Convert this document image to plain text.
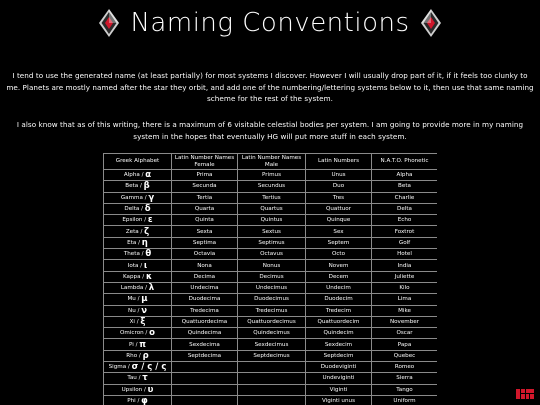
Naming Conventions

I tend to use the generated name (at least partially) for most systems I discover. However I will usually drop part of it, if it feels too clunky to me. Planets are mostly named after the star they orbit, and add one of the numbering/lettering systems below to it, then use that same naming scheme for the rest of the system.

I also know that as of this writing, there is a maximum of 6 visitable celestial bodies per system. I am going to provide more in my naming system in the hopes that eventually HG will put more stuff in each system.

Greek Alphabet	Latin Number Names Female	Latin Number Names Male	Latin Numbers	N.A.T.O. Phonetic
Alpha / α	Prima	Primus	Unus	Alpha
Beta / β	Secunda	Secundus	Duo	Beta
Gamma / γ	Tertia	Tertius	Tres	Charlie
Delta / δ	Quarta	Quartus	Quattuor	Delta
Epsilon / ε	Quinta	Quintus	Quinque	Echo
Zeta / ζ	Sexta	Sextus	Sex	Foxtrot
Eta / η	Septima	Septimus	Septem	Golf
Theta / θ	Octavia	Octavus	Octo	Hotel
Iota / ι	Nona	Nonus	Novem	India
Kappa / κ	Decima	Decimus	Decem	Juliette
Lambda / λ	Undecima	Undecimus	Undecim	Kilo
Mu / μ	Duodecima	Duodecimus	Duodecim	Lima
Nu / ν	Tredecima	Tredecimus	Tredecim	Mike
Xi / ξ	Quattuordecima	Quattuordecimus	Quattuordecim	November
Omicron / ο	Quindecima	Quindecimus	Quindecim	Oscar
Pi / π	Sexdecima	Sexdecimus	Sexdecim	Papa
Rho / ρ	Septdecima	Septdecimus	Septdecim	Quebec
Sigma / σ / ς / ς			Duodeviginti	Romeo
Tau / τ			Undeviginti	Sierra
Upsilon / υ			Viginti	Tango
Phi / φ			Viginti unus	Uniform
